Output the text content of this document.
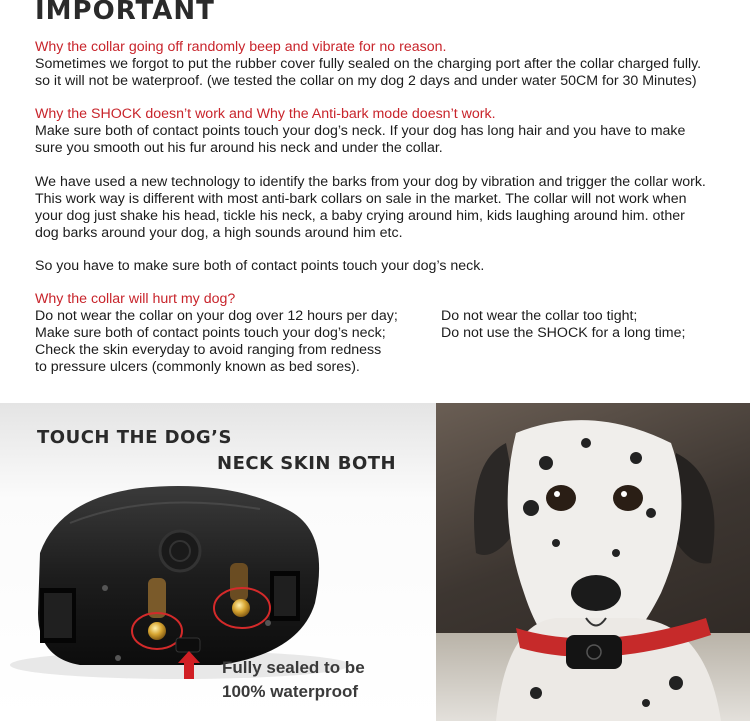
IMPORTANT
Why the collar going off randomly beep and vibrate for no reason.
Sometimes we forgot to put the rubber cover fully sealed on the charging port after the collar charged fully.
so it will not be waterproof. (we tested the collar on my dog 2 days and under water 50CM for 30 Minutes)
Why the SHOCK doesn’t work and Why the Anti-bark mode doesn’t work.
Make sure both of contact points touch your dog’s neck. If your dog has long hair and you have to make
sure you smooth out his fur around his neck and under the collar.
We have used a new technology to identify the barks from your dog by vibration and trigger the collar work.
This work way is different with most anti-bark collars on sale in the market. The collar will not work when
your dog just shake his head, tickle his neck, a baby crying around him, kids laughing around him. other
dog barks around your dog, a high sounds around him etc.
So you have to make sure both of contact points touch your dog’s neck.
Why the collar will hurt my dog?
Do not wear the collar on your dog over 12 hours per day;
Make sure both of contact points touch your dog’s neck;
Check the skin everyday to avoid ranging from redness
to pressure ulcers (commonly known as bed sores).
Do not wear the collar too tight;
Do not use the SHOCK for a long time;
TOUCH THE DOG’S
NECK SKIN BOTH
Fully sealed to be
100% waterproof
